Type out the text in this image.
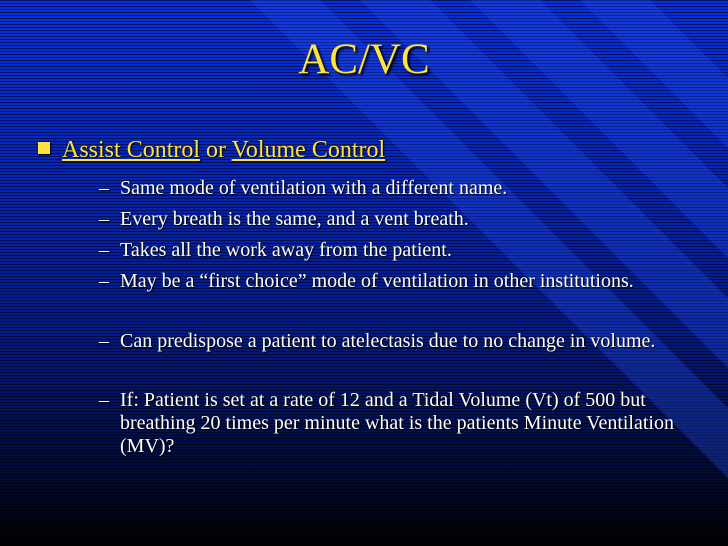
AC/VC
Assist Control or Volume Control
– Same mode of ventilation with a different name.
– Every breath is the same, and a vent breath.
– Takes all the work away from the patient.
– May be a “first choice” mode of ventilation in other institutions.
– Can predispose a patient to atelectasis due to no change in volume.
– If: Patient is set at a rate of 12 and a Tidal Volume (Vt) of 500 but breathing 20 times per minute what is the patients Minute Ventilation (MV)?
